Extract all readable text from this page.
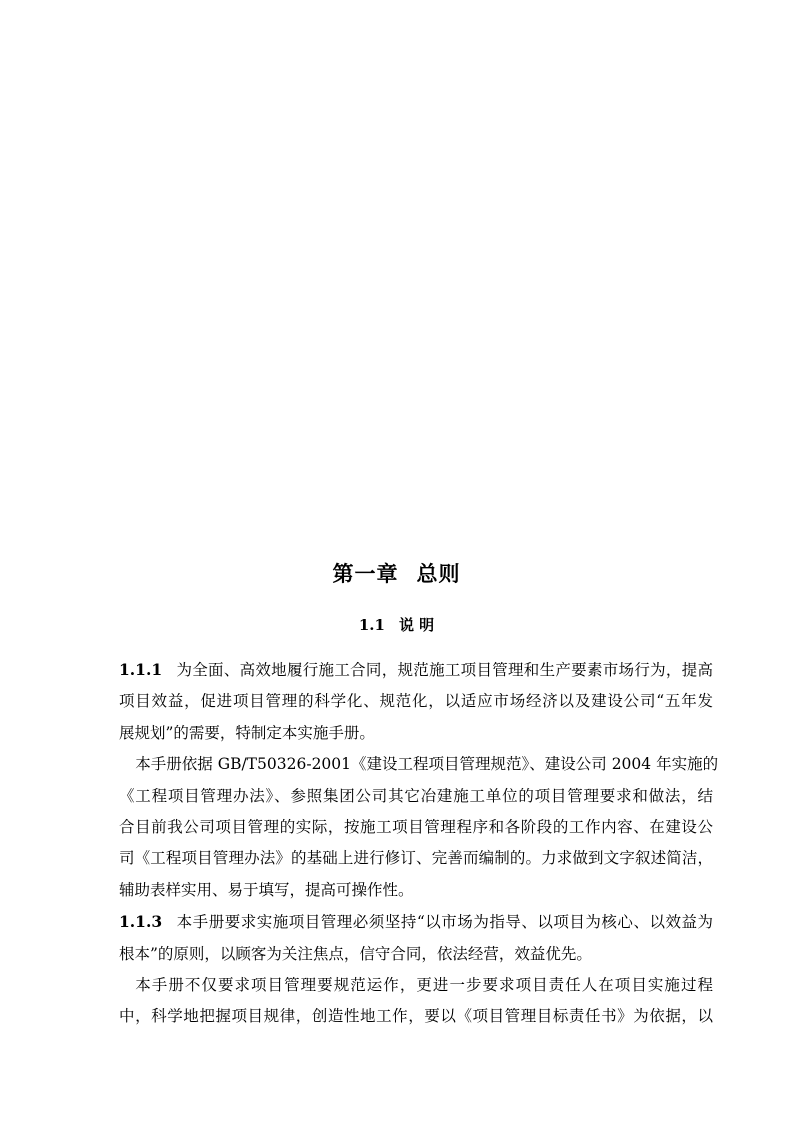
第一章 总则
1.1 说 明
1.1.1 为全面、高效地履行施工合同，规范施工项目管理和生产要素市场行为，提高
项目效益，促进项目管理的科学化、规范化，以适应市场经济以及建设公司“五年发
展规划”的需要，特制定本实施手册。
本手册依据 GB/T50326-2001《建设工程项目管理规范》、建设公司 2004 年实施的
《工程项目管理办法》、参照集团公司其它冶建施工单位的项目管理要求和做法，结
合目前我公司项目管理的实际，按施工项目管理程序和各阶段的工作内容、在建设公
司《工程项目管理办法》的基础上进行修订、完善而编制的。力求做到文字叙述简洁，
辅助表样实用、易于填写，提高可操作性。
1.1.3 本手册要求实施项目管理必须坚持“以市场为指导、以项目为核心、以效益为
根本”的原则，以顾客为关注焦点，信守合同，依法经营，效益优先。
本手册不仅要求项目管理要规范运作，更进一步要求项目责任人在项目实施过程
中，科学地把握项目规律，创造性地工作，要以《项目管理目标责任书》为依据，以
